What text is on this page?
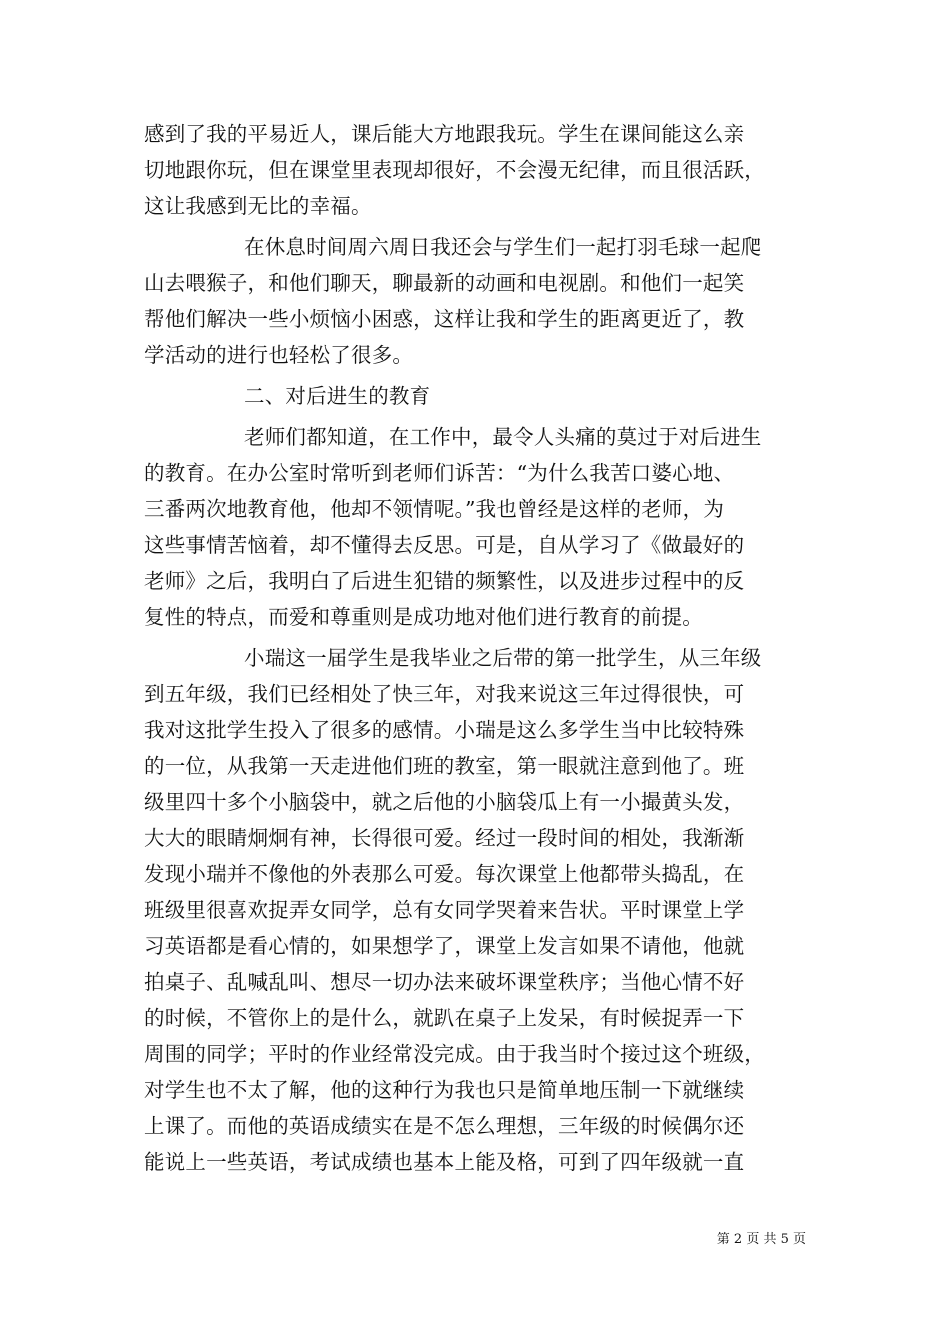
感到了我的平易近人，课后能大方地跟我玩。学生在课间能这么亲
切地跟你玩，但在课堂里表现却很好，不会漫无纪律，而且很活跃，
这让我感到无比的幸福。
在休息时间周六周日我还会与学生们一起打羽毛球一起爬
山去喂猴子，和他们聊天，聊最新的动画和电视剧。和他们一起笑
帮他们解决一些小烦恼小困惑，这样让我和学生的距离更近了，教
学活动的进行也轻松了很多。
二、对后进生的教育
老师们都知道，在工作中，最令人头痛的莫过于对后进生
的教育。在办公室时常听到老师们诉苦：“为什么我苦口婆心地、
三番两次地教育他，他却不领情呢。”我也曾经是这样的老师，为
这些事情苦恼着，却不懂得去反思。可是，自从学习了《做最好的
老师》之后，我明白了后进生犯错的频繁性，以及进步过程中的反
复性的特点，而爱和尊重则是成功地对他们进行教育的前提。
小瑞这一届学生是我毕业之后带的第一批学生，从三年级
到五年级，我们已经相处了快三年，对我来说这三年过得很快，可
我对这批学生投入了很多的感情。小瑞是这么多学生当中比较特殊
的一位，从我第一天走进他们班的教室，第一眼就注意到他了。班
级里四十多个小脑袋中，就之后他的小脑袋瓜上有一小撮黄头发，
大大的眼睛炯炯有神，长得很可爱。经过一段时间的相处，我渐渐
发现小瑞并不像他的外表那么可爱。每次课堂上他都带头捣乱，在
班级里很喜欢捉弄女同学，总有女同学哭着来告状。平时课堂上学
习英语都是看心情的，如果想学了，课堂上发言如果不请他，他就
拍桌子、乱喊乱叫、想尽一切办法来破坏课堂秩序；当他心情不好
的时候，不管你上的是什么，就趴在桌子上发呆，有时候捉弄一下
周围的同学；平时的作业经常没完成。由于我当时个接过这个班级，
对学生也不太了解，他的这种行为我也只是简单地压制一下就继续
上课了。而他的英语成绩实在是不怎么理想，三年级的时候偶尔还
能说上一些英语，考试成绩也基本上能及格，可到了四年级就一直
第 2 页 共 5 页
